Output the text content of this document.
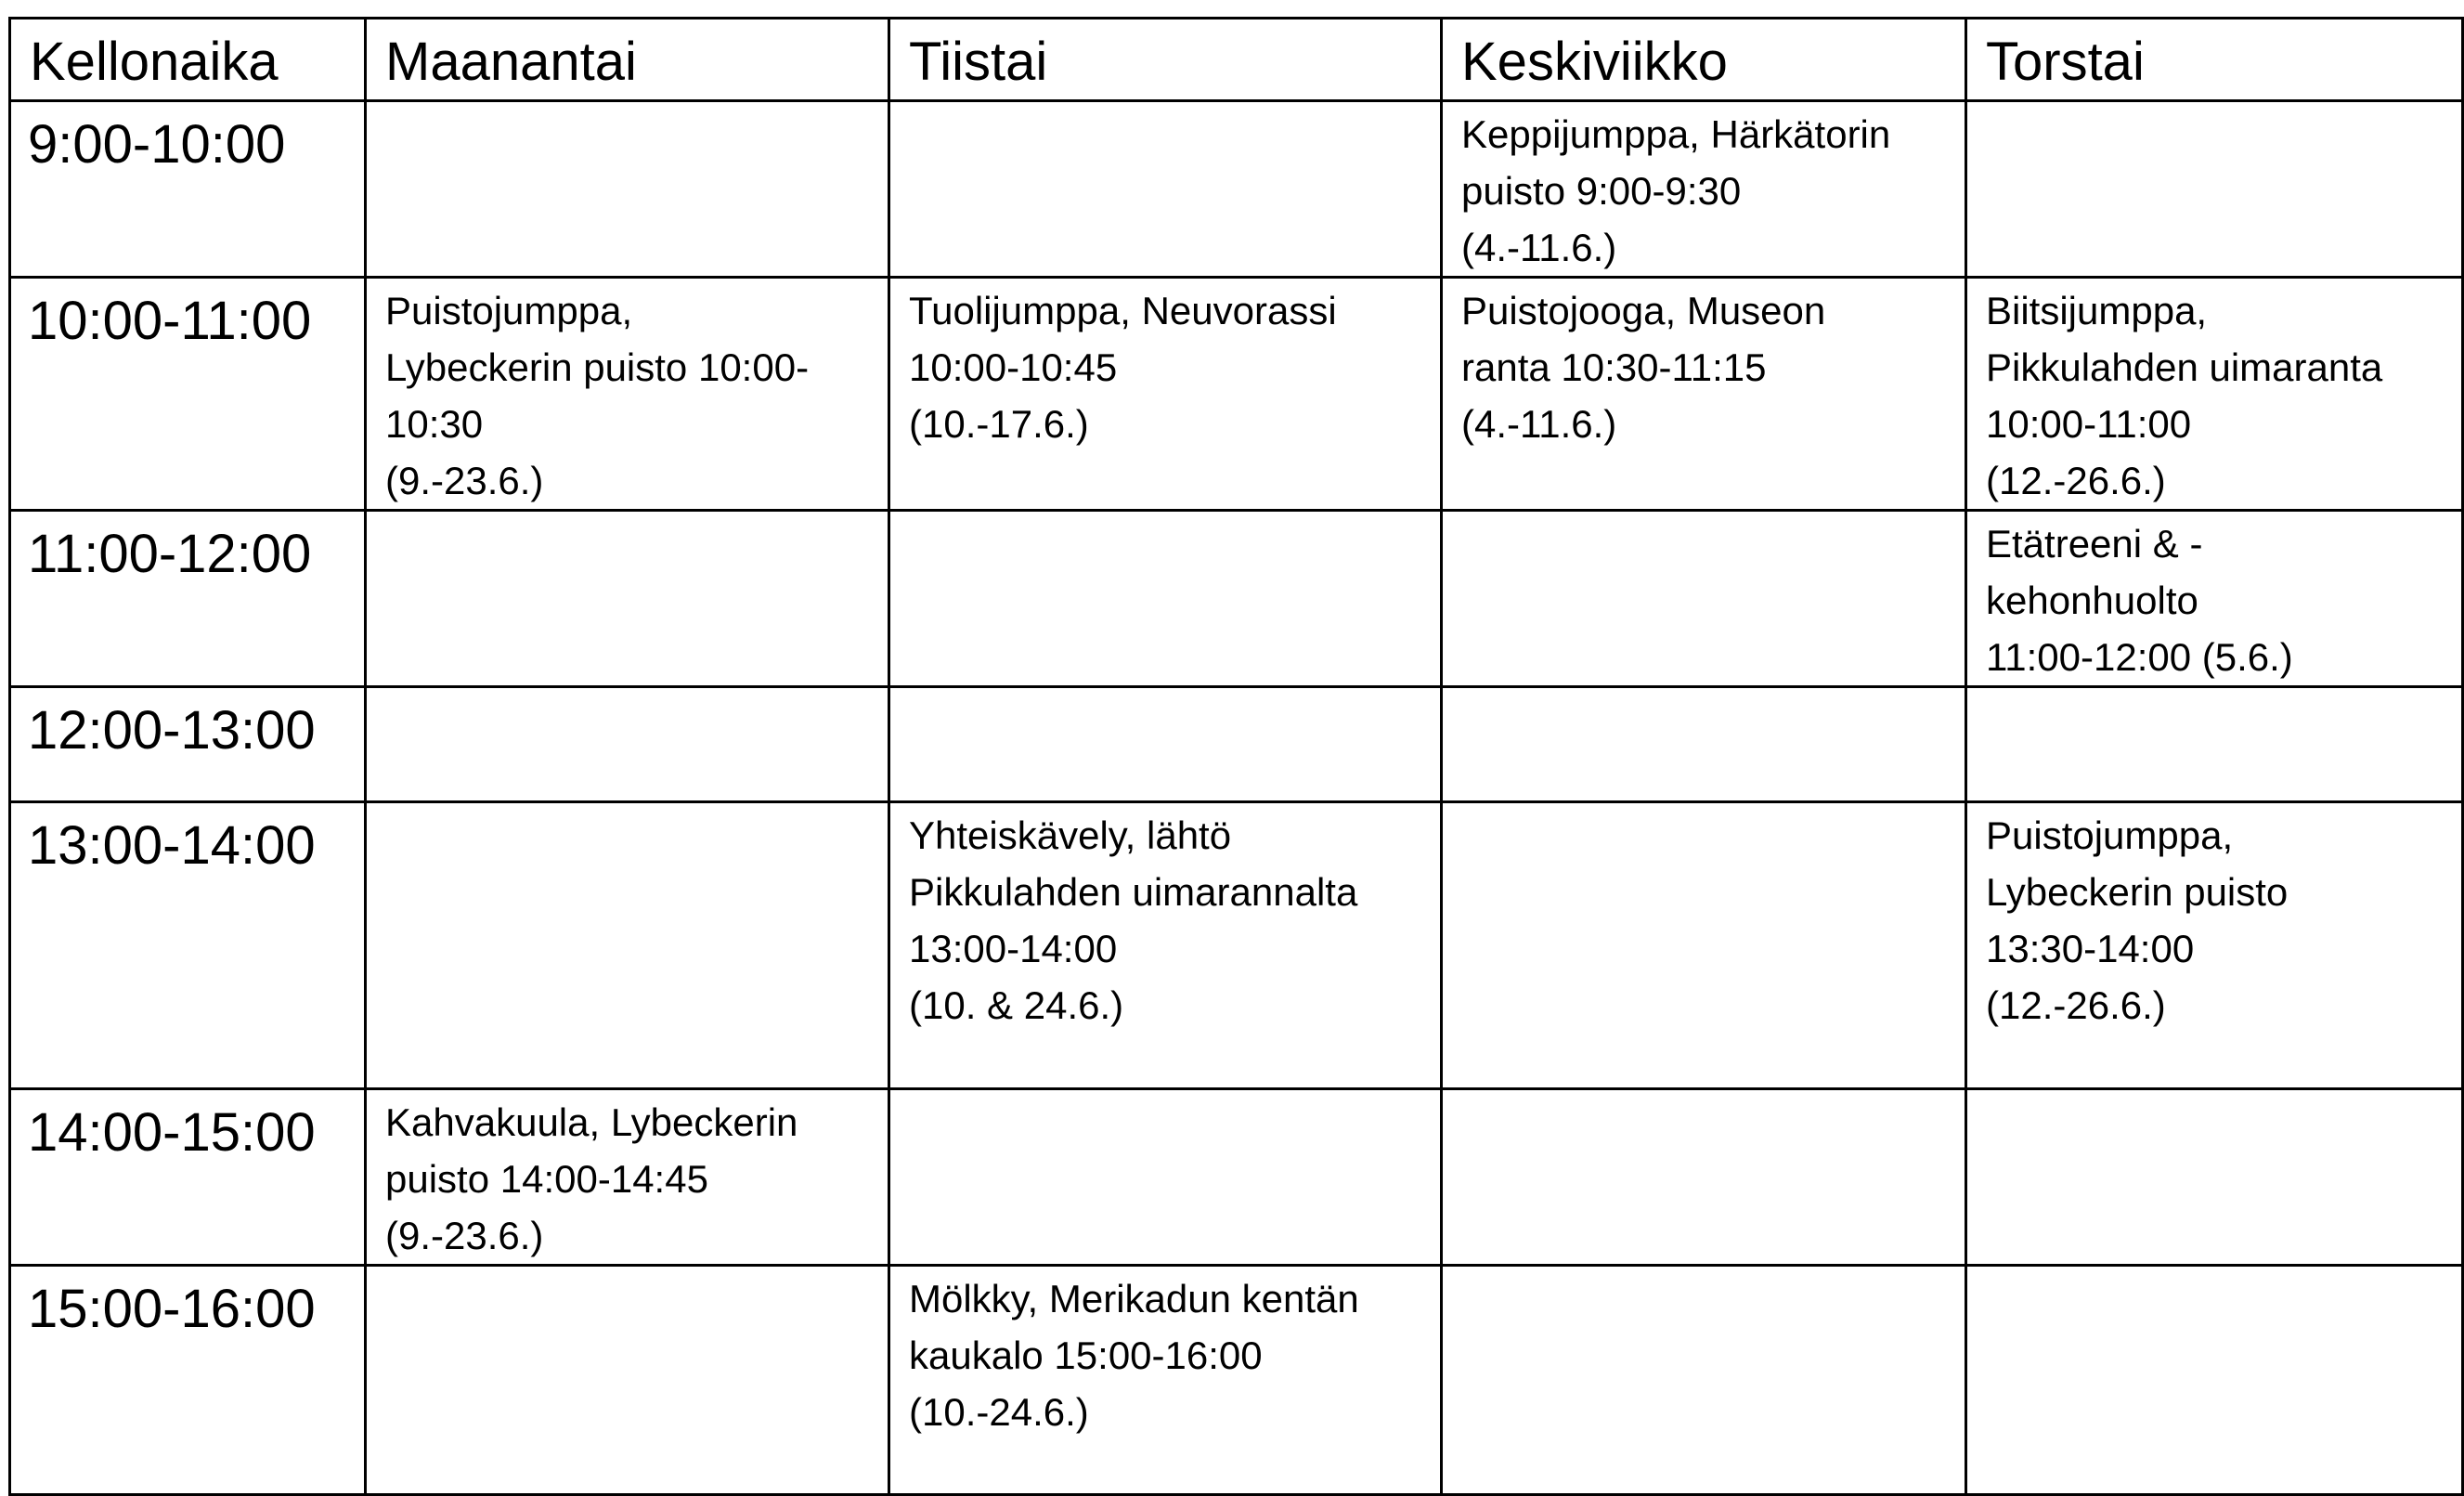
Kellonaika	Maanantai	Tiistai	Keskiviikko	Torstai
9:00-10:00			Keppijumppa, Härkätorin
puisto 9:00-9:30
(4.-11.6.)	

10:00-11:00	Puistojumppa,
Lybeckerin puisto 10:00-
10:30
(9.-23.6.)	Tuolijumppa, Neuvorassi
10:00-10:45
(10.-17.6.)	Puistojooga, Museon
ranta 10:30-11:15
(4.-11.6.)	Biitsijumppa,
Pikkulahden uimaranta
10:00-11:00
(12.-26.6.)

11:00-12:00				Etätreeni & -
kehonhuolto
11:00-12:00 (5.6.)

12:00-13:00				
13:00-14:00		Yhteiskävely, lähtö
Pikkulahden uimarannalta
13:00-14:00
(10. & 24.6.)		Puistojumppa,
Lybeckerin puisto
13:30-14:00
(12.-26.6.)

14:00-15:00	Kahvakuula, Lybeckerin
puisto 14:00-14:45
(9.-23.6.)			

15:00-16:00		Mölkky, Merikadun kentän
kaukalo 15:00-16:00
(10.-24.6.)		
